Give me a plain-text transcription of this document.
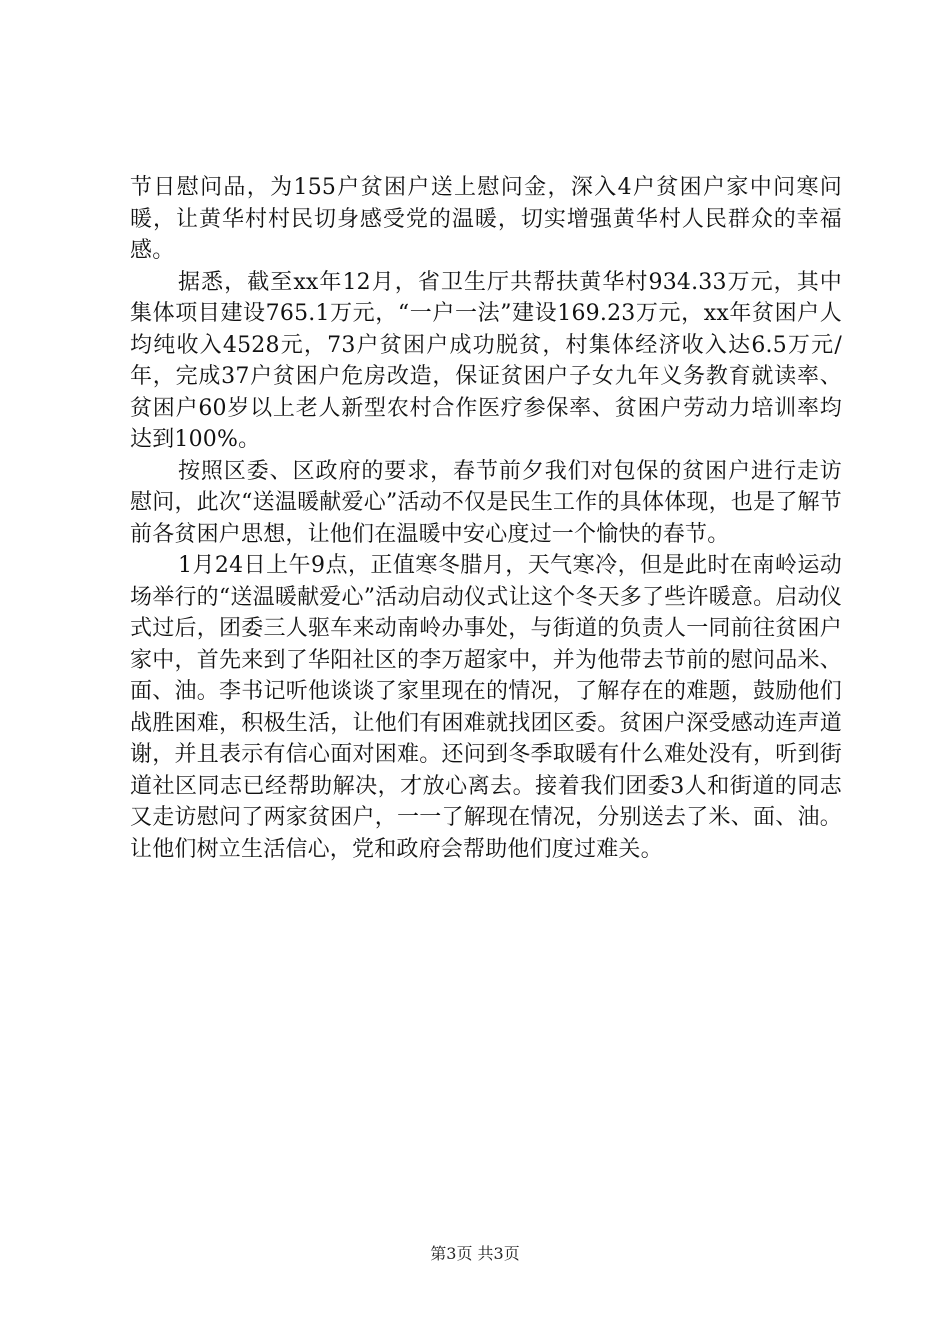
节日慰问品，为155户贫困户送上慰问金，深入4户贫困户家中问寒问暖，让黄华村村民切身感受党的温暖，切实增强黄华村人民群众的幸福感。

据悉，截至xx年12月，省卫生厅共帮扶黄华村934.33万元，其中集体项目建设765.1万元，“一户一法”建设169.23万元，xx年贫困户人均纯收入4528元，73户贫困户成功脱贫，村集体经济收入达6.5万元/年，完成37户贫困户危房改造，保证贫困户子女九年义务教育就读率、贫困户60岁以上老人新型农村合作医疗参保率、贫困户劳动力培训率均达到100%。

按照区委、区政府的要求，春节前夕我们对包保的贫困户进行走访慰问，此次“送温暖献爱心”活动不仅是民生工作的具体体现，也是了解节前各贫困户思想，让他们在温暖中安心度过一个愉快的春节。

1月24日上午9点，正值寒冬腊月，天气寒冷，但是此时在南岭运动场举行的“送温暖献爱心”活动启动仪式让这个冬天多了些许暖意。启动仪式过后，团委三人驱车来动南岭办事处，与街道的负责人一同前往贫困户家中，首先来到了华阳社区的李万超家中，并为他带去节前的慰问品米、面、油。李书记听他谈谈了家里现在的情况，了解存在的难题，鼓励他们战胜困难，积极生活，让他们有困难就找团区委。贫困户深受感动连声道谢，并且表示有信心面对困难。还问到冬季取暖有什么难处没有，听到街道社区同志已经帮助解决，才放心离去。接着我们团委3人和街道的同志又走访慰问了两家贫困户，一一了解现在情况，分别送去了米、面、油。让他们树立生活信心，党和政府会帮助他们度过难关。

第3页 共3页
